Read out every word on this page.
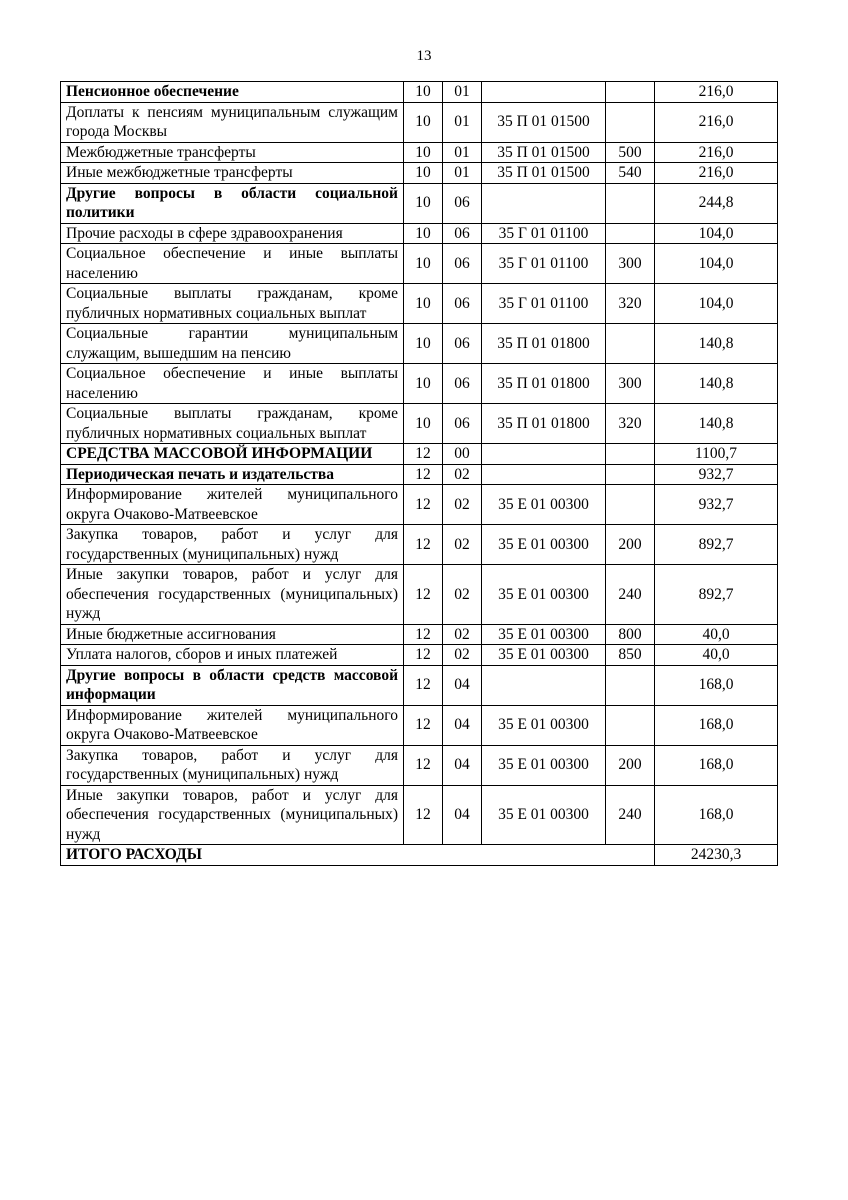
13
Пенсионное обеспечение	10	01			216,0
Доплаты к пенсиям муниципальным служащим города Москвы	10	01	35 П 01 01500		216,0
Межбюджетные трансферты	10	01	35 П 01 01500	500	216,0
Иные межбюджетные трансферты	10	01	35 П 01 01500	540	216,0
Другие вопросы в области социальной политики	10	06			244,8
Прочие расходы в сфере здравоохранения	10	06	35 Г 01 01100		104,0
Социальное обеспечение и иные выплаты населению	10	06	35 Г 01 01100	300	104,0
Социальные выплаты гражданам, кроме публичных нормативных социальных выплат	10	06	35 Г 01 01100	320	104,0
Социальные гарантии муниципальным служащим, вышедшим на пенсию	10	06	35 П 01 01800		140,8
Социальное обеспечение и иные выплаты населению	10	06	35 П 01 01800	300	140,8
Социальные выплаты гражданам, кроме публичных нормативных социальных выплат	10	06	35 П 01 01800	320	140,8
СРЕДСТВА МАССОВОЙ ИНФОРМАЦИИ	12	00			1100,7
Периодическая печать и издательства	12	02			932,7
Информирование жителей муниципального округа Очаково-Матвеевское	12	02	35 Е 01 00300		932,7
Закупка товаров, работ и услуг для государственных (муниципальных) нужд	12	02	35 Е 01 00300	200	892,7
Иные закупки товаров, работ и услуг для обеспечения государственных (муниципальных) нужд	12	02	35 Е 01 00300	240	892,7
Иные бюджетные ассигнования	12	02	35 Е 01 00300	800	40,0
Уплата налогов, сборов и иных платежей	12	02	35 Е 01 00300	850	40,0
Другие вопросы в области средств массовой информации	12	04			168,0
Информирование жителей муниципального округа Очаково-Матвеевское	12	04	35 Е 01 00300		168,0
Закупка товаров, работ и услуг для государственных (муниципальных) нужд	12	04	35 Е 01 00300	200	168,0
Иные закупки товаров, работ и услуг для обеспечения государственных (муниципальных) нужд	12	04	35 Е 01 00300	240	168,0
ИТОГО РАСХОДЫ					24230,3
